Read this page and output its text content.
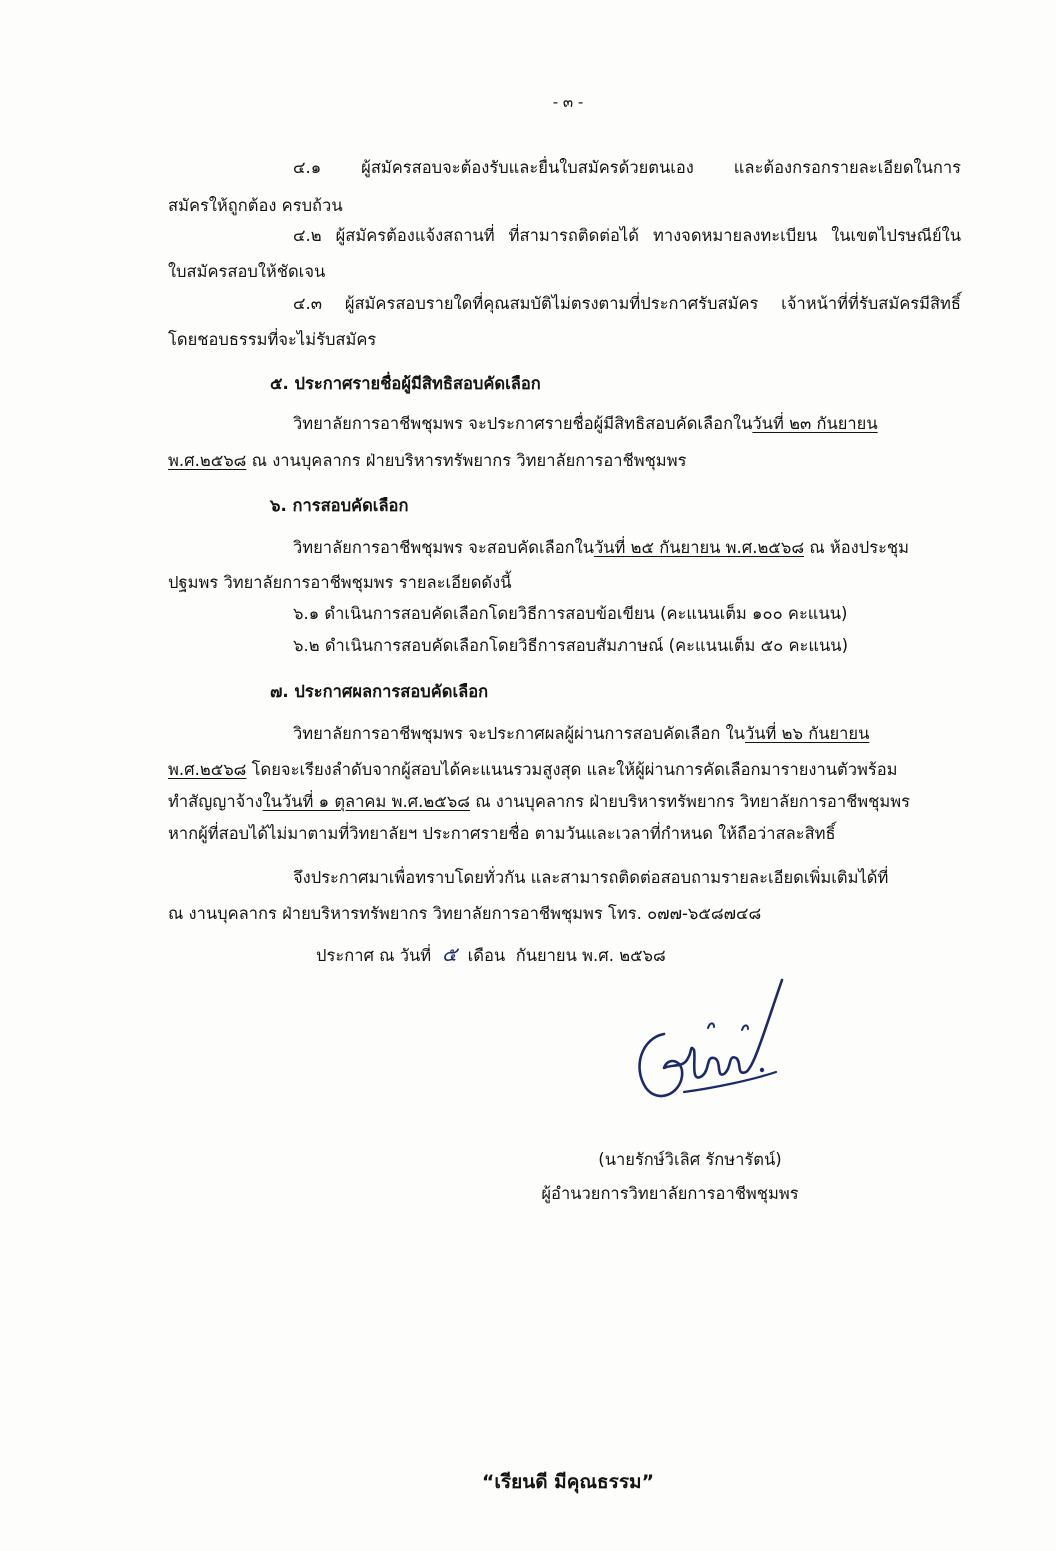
- ๓ -
๔.๑ ผู้สมัครสอบจะต้องรับและยื่นใบสมัครด้วยตนเอง และต้องกรอกรายละเอียดในการ
สมัครให้ถูกต้อง ครบถ้วน
๔.๒ ผู้สมัครต้องแจ้งสถานที่ ที่สามารถติดต่อได้ ทางจดหมายลงทะเบียน ในเขตไปรษณีย์ใน
ใบสมัครสอบให้ชัดเจน
๔.๓ ผู้สมัครสอบรายใดที่คุณสมบัติไม่ตรงตามที่ประกาศรับสมัคร เจ้าหน้าที่ที่รับสมัครมีสิทธิ์
โดยชอบธรรมที่จะไม่รับสมัคร
๕. ประกาศรายชื่อผู้มีสิทธิสอบคัดเลือก
วิทยาลัยการอาชีพชุมพร จะประกาศรายชื่อผู้มีสิทธิสอบคัดเลือกในวันที่ ๒๓ กันยายน
พ.ศ.๒๕๖๘ ณ งานบุคลากร ฝ่ายบริหารทรัพยากร วิทยาลัยการอาชีพชุมพร
๖. การสอบคัดเลือก
วิทยาลัยการอาชีพชุมพร จะสอบคัดเลือกในวันที่ ๒๕ กันยายน พ.ศ.๒๕๖๘ ณ ห้องประชุม
ปฐมพร วิทยาลัยการอาชีพชุมพร รายละเอียดดังนี้
๖.๑ ดำเนินการสอบคัดเลือกโดยวิธีการสอบข้อเขียน (คะแนนเต็ม ๑๐๐ คะแนน)
๖.๒ ดำเนินการสอบคัดเลือกโดยวิธีการสอบสัมภาษณ์ (คะแนนเต็ม ๕๐ คะแนน)
๗. ประกาศผลการสอบคัดเลือก
วิทยาลัยการอาชีพชุมพร จะประกาศผลผู้ผ่านการสอบคัดเลือก ในวันที่ ๒๖ กันยายน
พ.ศ.๒๕๖๘ โดยจะเรียงลำดับจากผู้สอบได้คะแนนรวมสูงสุด และให้ผู้ผ่านการคัดเลือกมารายงานตัวพร้อม
ทำสัญญาจ้างในวันที่ ๑ ตุลาคม พ.ศ.๒๕๖๘ ณ งานบุคลากร ฝ่ายบริหารทรัพยากร วิทยาลัยการอาชีพชุมพร
หากผู้ที่สอบได้ไม่มาตามที่วิทยาลัยฯ ประกาศรายชื่อ ตามวันและเวลาที่กำหนด ให้ถือว่าสละสิทธิ์
จึงประกาศมาเพื่อทราบโดยทั่วกัน และสามารถติดต่อสอบถามรายละเอียดเพิ่มเติมได้ที่
ณ งานบุคลากร ฝ่ายบริหารทรัพยากร วิทยาลัยการอาชีพชุมพร โทร. ๐๗๗-๖๕๘๗๔๘
ประกาศ ณ วันที่ ๕ เดือน กันยายน พ.ศ. ๒๕๖๘
(นายรักษ์วิเลิศ รักษารัตน์)
ผู้อำนวยการวิทยาลัยการอาชีพชุมพร
“เรียนดี มีคุณธรรม”
